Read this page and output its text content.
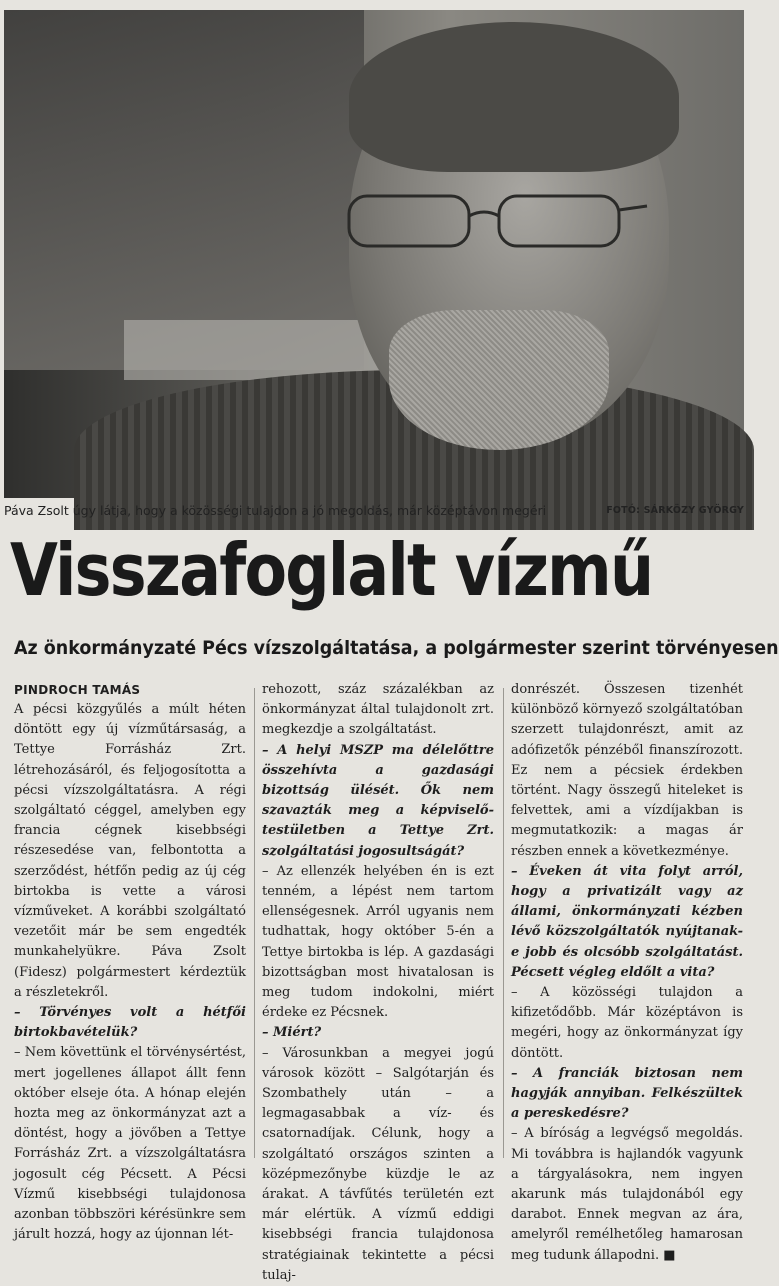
Páva Zsolt úgy látja, hogy a közösségi tulajdon a jó megoldás, már középtávon megéri	FOTÓ: SÁRKÖZY GYÖRGY
Visszafoglalt vízmű
Az önkormányzaté Pécs vízszolgáltatása, a polgármester szerint törvényesen

PINDROCH TAMÁS

A pécsi közgyűlés a múlt héten döntött egy új vízműtársaság, a Tettye Forrásház Zrt. létrehozásáról, és feljogosította a pécsi vízszolgáltatásra. A régi szolgáltató céggel, amelyben egy francia cégnek kisebbségi részesedése van, felbontotta a szerződést, hétfőn pedig az új cég birtokba is vette a városi vízműveket. A korábbi szolgáltató vezetőit már be sem engedték munkahelyükre. Páva Zsolt (Fidesz) polgármestert kérdeztük a részletekről.

– Törvényes volt a hétfői birtokbavételük?

– Nem követtünk el törvénysértést, mert jogellenes állapot állt fenn október elseje óta. A hónap elején hozta meg az önkormányzat azt a döntést, hogy a jövőben a Tettye Forrásház Zrt. a vízszolgáltatásra jogosult cég Pécsett. A Pécsi Vízmű kisebbségi tulajdonosa azonban többszöri kérésünkre sem járult hozzá, hogy az újonnan lét-

rehozott, száz százalékban az önkormányzat által tulajdonolt zrt. megkezdje a szolgáltatást.

– A helyi MSZP ma délelőttre összehívta a gazdasági bizottság ülését. Ők nem szavazták meg a képviselő-testületben a Tettye Zrt. szolgáltatási jogosultságát?

– Az ellenzék helyében én is ezt tenném, a lépést nem tartom ellenségesnek. Arról ugyanis nem tudhattak, hogy október 5-én a Tettye birtokba is lép. A gazdasági bizottságban most hivatalosan is meg tudom indokolni, miért érdeke ez Pécsnek.

– Miért?

– Városunkban a megyei jogú városok között – Salgótarján és Szombathely után – a legmagasabbak a víz- és csatornadíjak. Célunk, hogy a szolgáltató országos szinten a középmezőnybe küzdje le az árakat. A távfűtés területén ezt már elértük. A vízmű eddigi kisebbségi francia tulajdonosa stratégiainak tekintette a pécsi tulaj-

donrészét. Összesen tizenhét különböző környező szolgáltatóban szerzett tulajdonrészt, amit az adófizetők pénzéből finanszírozott. Ez nem a pécsiek érdekben történt. Nagy összegű hiteleket is felvettek, ami a vízdíjakban is megmutatkozik: a magas ár részben ennek a következménye.

– Éveken át vita folyt arról, hogy a privatizált vagy az állami, önkormányzati kézben lévő közszolgáltatók nyújtanak-e jobb és olcsóbb szolgáltatást. Pécsett végleg eldőlt a vita?

– A közösségi tulajdon a kifizetődőbb. Már középtávon is megéri, hogy az önkormányzat így döntött.

– A franciák biztosan nem hagyják annyiban. Felkészültek a pereskedésre?

– A bíróság a legvégső megoldás. Mi továbbra is hajlandók vagyunk a tárgyalásokra, nem ingyen akarunk más tulajdonából egy darabot. Ennek megvan az ára, amelyről remélhetőleg hamarosan meg tudunk állapodni. ■
